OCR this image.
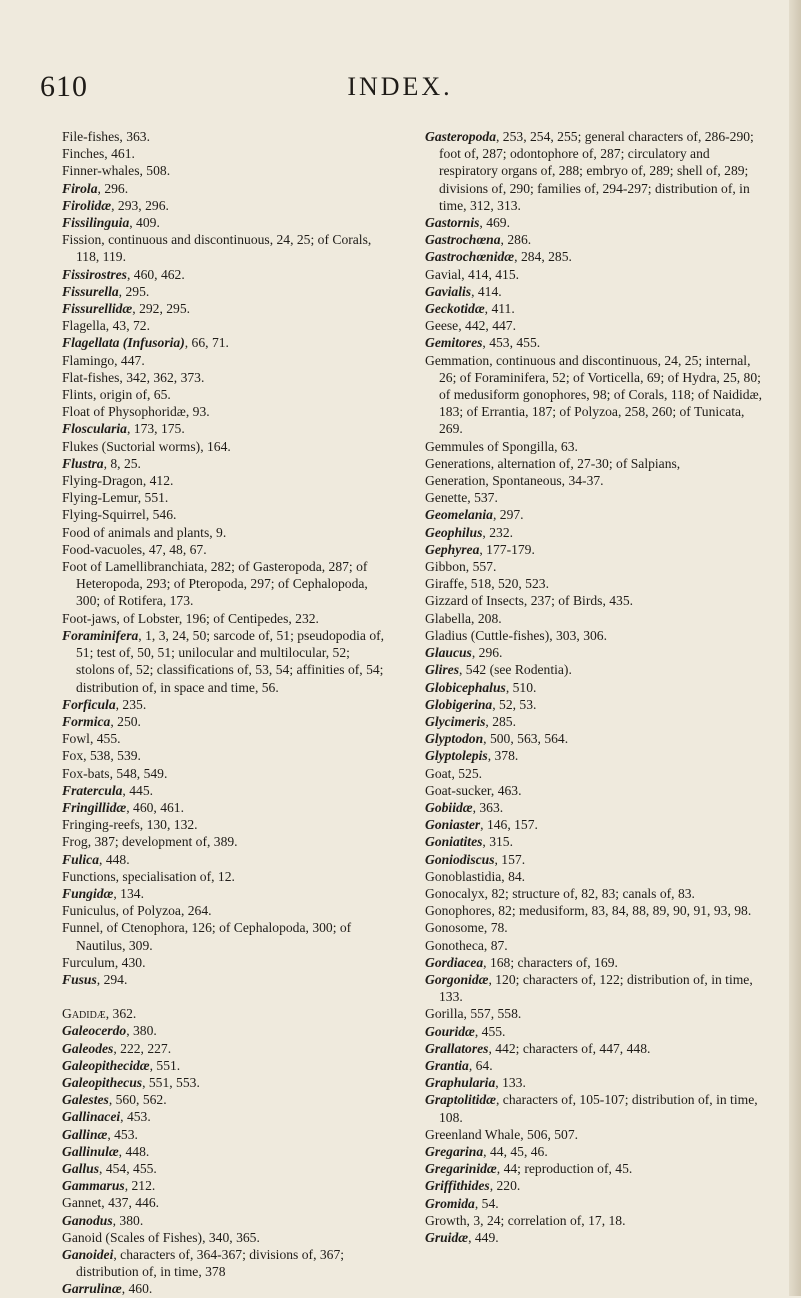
610	INDEX.

File-fishes, 363.

Finches, 461.

Finner-whales, 508.

Firola, 296.

Firolidæ, 293, 296.

Fissilinguia, 409.

Fission, continuous and discontinuous, 24, 25; of Corals, 118, 119.

Fissirostres, 460, 462.

Fissurella, 295.

Fissurellidæ, 292, 295.

Flagella, 43, 72.

Flagellata (Infusoria), 66, 71.

Flamingo, 447.

Flat-fishes, 342, 362, 373.

Flints, origin of, 65.

Float of Physophoridæ, 93.

Floscularia, 173, 175.

Flukes (Suctorial worms), 164.

Flustra, 8, 25.

Flying-Dragon, 412.

Flying-Lemur, 551.

Flying-Squirrel, 546.

Food of animals and plants, 9.

Food-vacuoles, 47, 48, 67.

Foot of Lamellibranchiata, 282; of Gasteropoda, 287; of Heteropoda, 293; of Pteropoda, 297; of Cephalopoda, 300; of Rotifera, 173.

Foot-jaws, of Lobster, 196; of Centipedes, 232.

Foraminifera, 1, 3, 24, 50; sarcode of, 51; pseudopodia of, 51; test of, 50, 51; unilocular and multilocular, 52; stolons of, 52; classifications of, 53, 54; affinities of, 54; distribution of, in space and time, 56.

Forficula, 235.

Formica, 250.

Fowl, 455.

Fox, 538, 539.

Fox-bats, 548, 549.

Fratercula, 445.

Fringillidæ, 460, 461.

Fringing-reefs, 130, 132.

Frog, 387; development of, 389.

Fulica, 448.

Functions, specialisation of, 12.

Fungidæ, 134.

Funiculus, of Polyzoa, 264.

Funnel, of Ctenophora, 126; of Cephalopoda, 300; of Nautilus, 309.

Furculum, 430.

Fusus, 294.

Gadidæ, 362.

Galeocerdo, 380.

Galeodes, 222, 227.

Galeopithecidæ, 551.

Galeopithecus, 551, 553.

Galestes, 560, 562.

Gallinacei, 453.

Gallinæ, 453.

Gallinulæ, 448.

Gallus, 454, 455.

Gammarus, 212.

Gannet, 437, 446.

Ganodus, 380.

Ganoid (Scales of Fishes), 340, 365.

Ganoidei, characters of, 364-367; divisions of, 367; distribution of, in time, 378

Garrulinæ, 460.

Gasteropoda, 253, 254, 255; general characters of, 286-290; foot of, 287; odontophore of, 287; circulatory and respiratory organs of, 288; embryo of, 289; shell of, 289; divisions of, 290; families of, 294-297; distribution of, in time, 312, 313.

Gastornis, 469.

Gastrochœna, 286.

Gastrochœnidæ, 284, 285.

Gavial, 414, 415.

Gavialis, 414.

Geckotidæ, 411.

Geese, 442, 447.

Gemitores, 453, 455.

Gemmation, continuous and discontinuous, 24, 25; internal, 26; of Foraminifera, 52; of Vorticella, 69; of Hydra, 25, 80; of medusiform gonophores, 98; of Corals, 118; of Naididæ, 183; of Errantia, 187; of Polyzoa, 258, 260; of Tunicata, 269.

Gemmules of Spongilla, 63.

Generations, alternation of, 27-30; of Salpians,

Generation, Spontaneous, 34-37.

Genette, 537.

Geomelania, 297.

Geophilus, 232.

Gephyrea, 177-179.

Gibbon, 557.

Giraffe, 518, 520, 523.

Gizzard of Insects, 237; of Birds, 435.

Glabella, 208.

Gladius (Cuttle-fishes), 303, 306.

Glaucus, 296.

Glires, 542 (see Rodentia).

Globicephalus, 510.

Globigerina, 52, 53.

Glycimeris, 285.

Glyptodon, 500, 563, 564.

Glyptolepis, 378.

Goat, 525.

Goat-sucker, 463.

Gobiidæ, 363.

Goniaster, 146, 157.

Goniatites, 315.

Goniodiscus, 157.

Gonoblastidia, 84.

Gonocalyx, 82; structure of, 82, 83; canals of, 83.

Gonophores, 82; medusiform, 83, 84, 88, 89, 90, 91, 93, 98.

Gonosome, 78.

Gonotheca, 87.

Gordiacea, 168; characters of, 169.

Gorgonidæ, 120; characters of, 122; distribution of, in time, 133.

Gorilla, 557, 558.

Gouridæ, 455.

Grallatores, 442; characters of, 447, 448.

Grantia, 64.

Graphularia, 133.

Graptolitidæ, characters of, 105-107; distribution of, in time, 108.

Greenland Whale, 506, 507.

Gregarina, 44, 45, 46.

Gregarinidæ, 44; reproduction of, 45.

Griffithides, 220.

Gromida, 54.

Growth, 3, 24; correlation of, 17, 18.

Gruidæ, 449.
